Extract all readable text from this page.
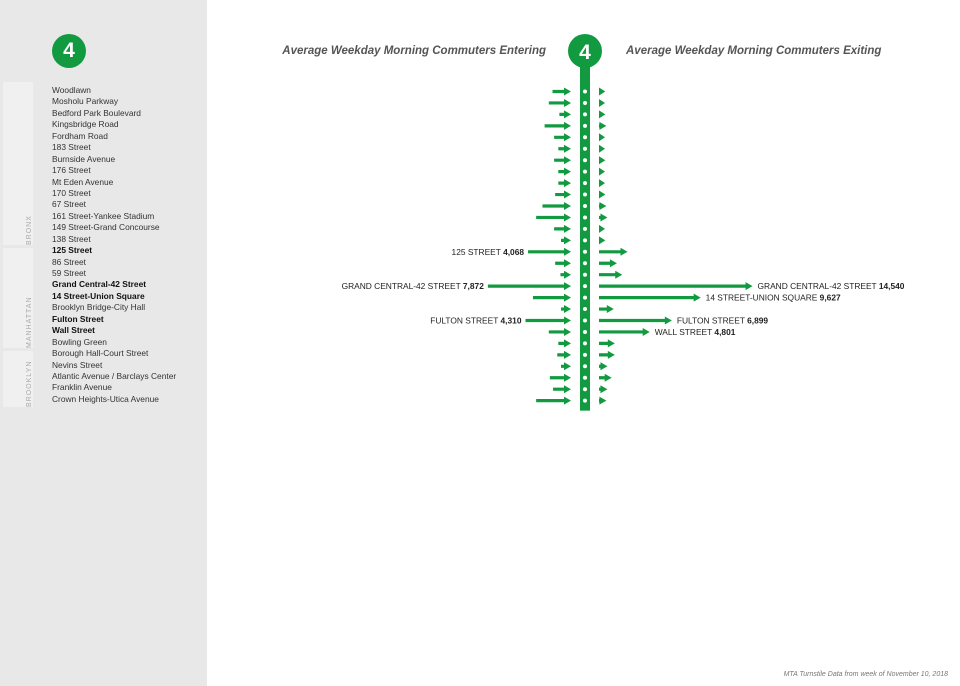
BRONX
MANHATTAN
BROOKLYN
4
Woodlawn
Mosholu Parkway
Bedford Park Boulevard
Kingsbridge Road
Fordham Road
183 Street
Burnside Avenue
176 Street
Mt Eden Avenue
170 Street
67 Street
161 Street-Yankee Stadium
149 Street-Grand Concourse
138 Street
125 Street
86 Street
59 Street
Grand Central-42 Street
14 Street-Union Square
Brooklyn Bridge-City Hall
Fulton Street
Wall Street
Bowling Green
Borough Hall-Court Street
Nevins Street
Atlantic Avenue / Barclays Center
Franklin Avenue
Crown Heights-Utica Avenue
Average Weekday Morning Commuters Entering	Average Weekday Morning Commuters Exiting
4
125 STREET 4,068
GRAND CENTRAL-42 STREET 7,872
FULTON STREET 4,310
GRAND CENTRAL-42 STREET 14,540
14 STREET-UNION SQUARE 9,627
FULTON STREET 6,899
WALL STREET 4,801
MTA Turnstile Data from week of November 10, 2018
